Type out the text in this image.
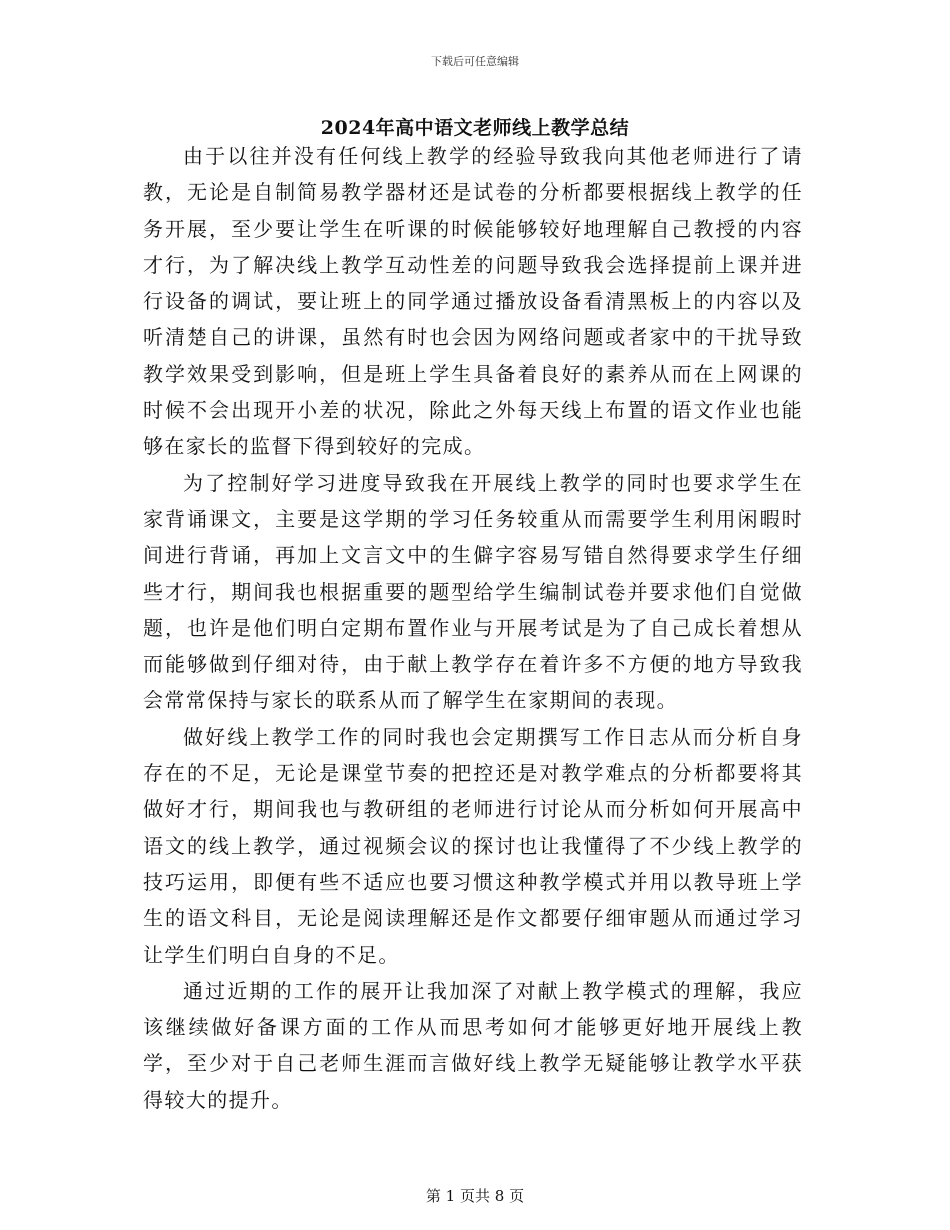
下载后可任意编辑
2024年高中语文老师线上教学总结

由于以往并没有任何线上教学的经验导致我向其他老师进行了请教，无论是自制简易教学器材还是试卷的分析都要根据线上教学的任务开展，至少要让学生在听课的时候能够较好地理解自己教授的内容才行，为了解决线上教学互动性差的问题导致我会选择提前上课并进行设备的调试，要让班上的同学通过播放设备看清黑板上的内容以及听清楚自己的讲课，虽然有时也会因为网络问题或者家中的干扰导致教学效果受到影响，但是班上学生具备着良好的素养从而在上网课的时候不会出现开小差的状况，除此之外每天线上布置的语文作业也能够在家长的监督下得到较好的完成。

为了控制好学习进度导致我在开展线上教学的同时也要求学生在家背诵课文，主要是这学期的学习任务较重从而需要学生利用闲暇时间进行背诵，再加上文言文中的生僻字容易写错自然得要求学生仔细些才行，期间我也根据重要的题型给学生编制试卷并要求他们自觉做题，也许是他们明白定期布置作业与开展考试是为了自己成长着想从而能够做到仔细对待，由于献上教学存在着许多不方便的地方导致我会常常保持与家长的联系从而了解学生在家期间的表现。

做好线上教学工作的同时我也会定期撰写工作日志从而分析自身存在的不足，无论是课堂节奏的把控还是对教学难点的分析都要将其做好才行，期间我也与教研组的老师进行讨论从而分析如何开展高中语文的线上教学，通过视频会议的探讨也让我懂得了不少线上教学的技巧运用，即便有些不适应也要习惯这种教学模式并用以教导班上学生的语文科目，无论是阅读理解还是作文都要仔细审题从而通过学习让学生们明白自身的不足。

通过近期的工作的展开让我加深了对献上教学模式的理解，我应该继续做好备课方面的工作从而思考如何才能够更好地开展线上教学，至少对于自己老师生涯而言做好线上教学无疑能够让教学水平获得较大的提升。

第 1 页共 8 页
